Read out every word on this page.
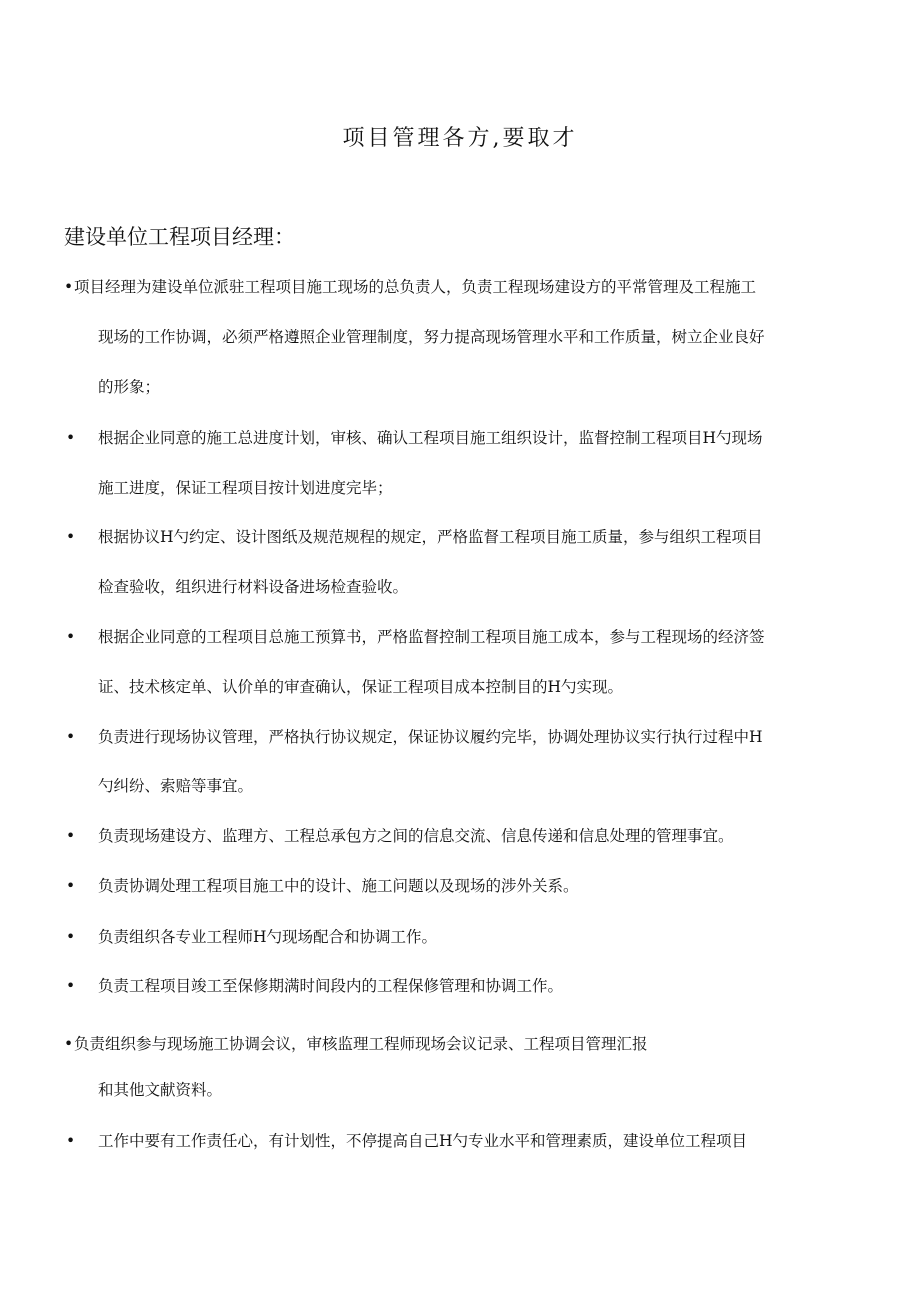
项目管理各方,要取才
建设单位工程项目经理：
• 项目经理为建设单位派驻工程项目施工现场的总负责人，负责工程现场建设方的平常管理及工程施工
现场的工作协调，必须严格遵照企业管理制度，努力提高现场管理水平和工作质量，树立企业良好
的形象；
• 根据企业同意的施工总进度计划，审核、确认工程项目施工组织设计，监督控制工程项目H勺现场
施工进度，保证工程项目按计划进度完毕；
• 根据协议H勺约定、设计图纸及规范规程的规定，严格监督工程项目施工质量，参与组织工程项目
检查验收，组织进行材料设备进场检查验收。
• 根据企业同意的工程项目总施工预算书，严格监督控制工程项目施工成本，参与工程现场的经济签
证、技术核定单、认价单的审查确认，保证工程项目成本控制目的H勺实现。
• 负责进行现场协议管理，严格执行协议规定，保证协议履约完毕，协调处理协议实行执行过程中H
勺纠纷、索赔等事宜。
• 负责现场建设方、监理方、工程总承包方之间的信息交流、信息传递和信息处理的管理事宜。
• 负责协调处理工程项目施工中的设计、施工问题以及现场的涉外关系。
• 负责组织各专业工程师H勺现场配合和协调工作。
• 负责工程项目竣工至保修期满时间段内的工程保修管理和协调工作。
• 负责组织参与现场施工协调会议，审核监理工程师现场会议记录、工程项目管理汇报
和其他文献资料。
• 工作中要有工作责任心，有计划性，不停提高自己H勺专业水平和管理素质，建设单位工程项目
